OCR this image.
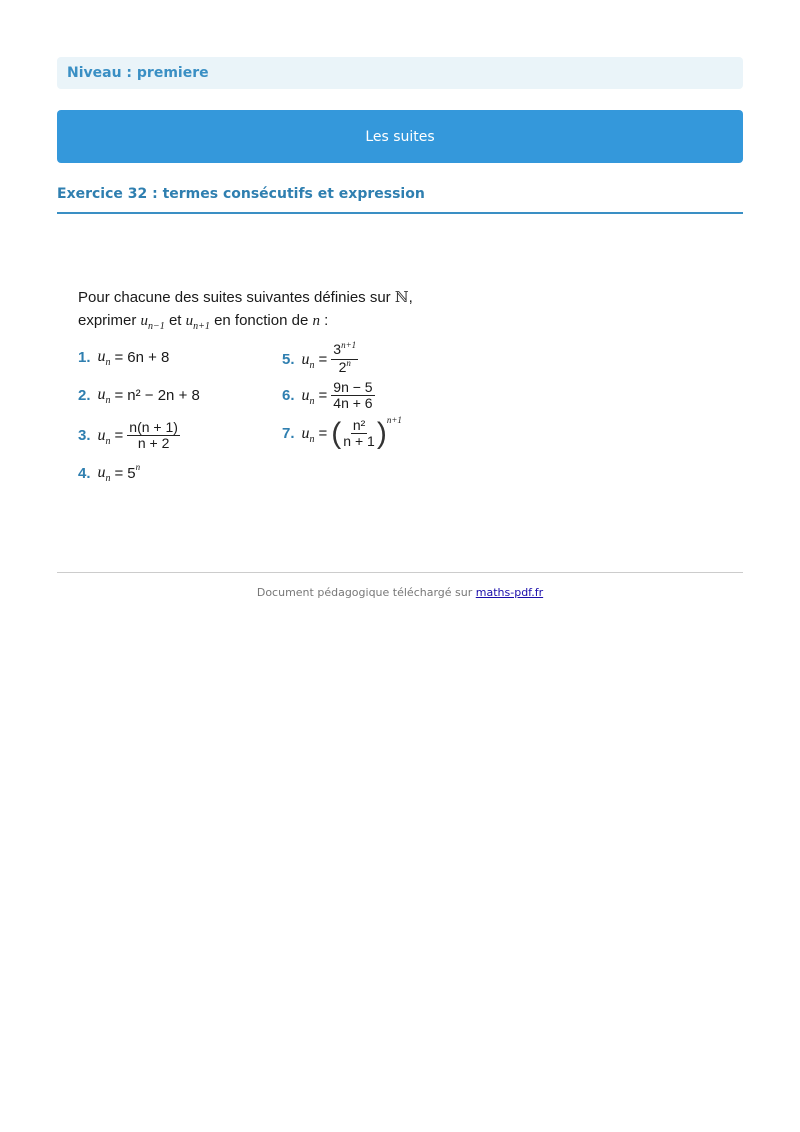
Niveau : premiere
Les suites
Exercice 32 : termes consécutifs et expression
Pour chacune des suites suivantes définies sur ℕ,
exprimer $u_{n-1}$ et $u_{n+1}$ en fonction de n :
1. $u_n = 6n + 8$
2. $u_n = n^2 - 2n + 8$
3. $u_n = \frac{n(n + 1)}{n + 2}$
4. $u_n = 5$ n
5. $u_n = \frac{3^{n+1}}{2^n}$
6. $u_n = \frac{9n - 5}{4n + 6}$
7. $u_n$ = ( $\frac{\text{n²}}{n + 1}$ ) n+1
Document pédagogique téléchargé sur maths-pdf.fr
